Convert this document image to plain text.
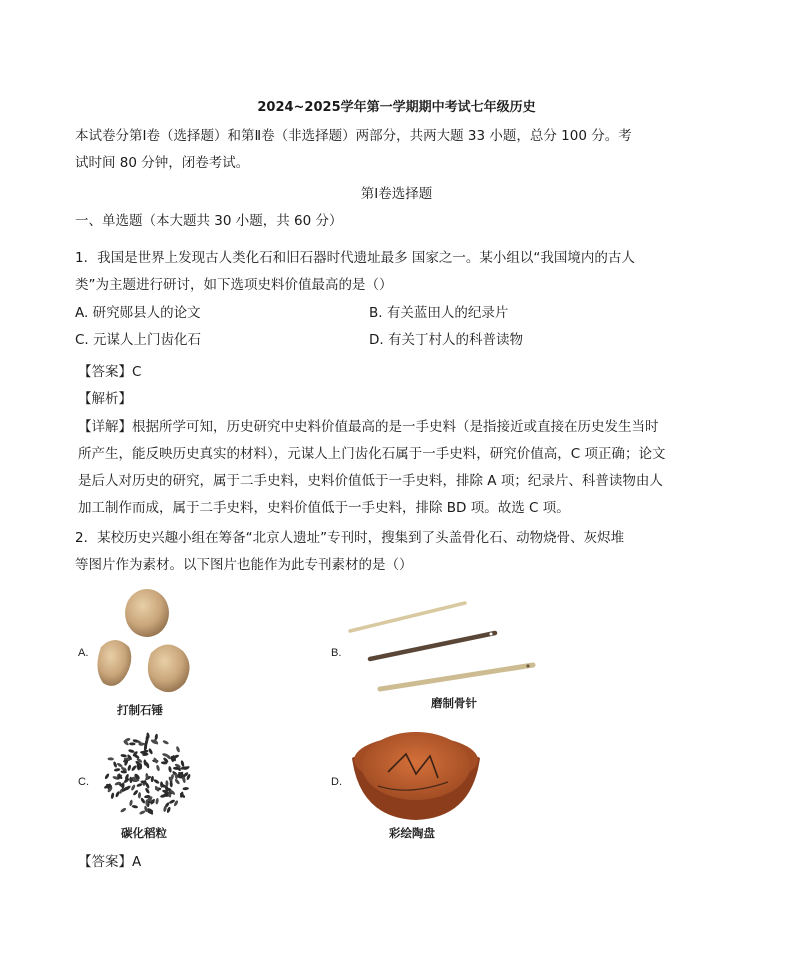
2024~2025学年第一学期期中考试七年级历史
本试卷分第Ⅰ卷（选择题）和第Ⅱ卷（非选择题）两部分，共两大题 33 小题，总分 100 分。考
试时间 80 分钟，闭卷考试。
第Ⅰ卷选择题
一、单选题（本大题共 30 小题，共 60 分）
1．我国是世界上发现古人类化石和旧石器时代遗址最多 国家之一。某小组以“我国境内的古人
类”为主题进行研讨，如下选项史料价值最高的是（）
A. 研究郧县人的论文	B. 有关蓝田人的纪录片
C. 元谋人上门齿化石	D. 有关丁村人的科普读物
【答案】C
【解析】
【详解】根据所学可知，历史研究中史料价值最高的是一手史料（是指接近或直接在历史发生当时
所产生，能反映历史真实的材料），元谋人上门齿化石属于一手史料，研究价值高，C 项正确；论文
是后人对历史的研究，属于二手史料，史料价值低于一手史料，排除 A 项；纪录片、科普读物由人
加工制作而成，属于二手史料，史料价值低于一手史料，排除 BD 项。故选 C 项。
2．某校历史兴趣小组在筹备“北京人遗址”专刊时，搜集到了头盖骨化石、动物烧骨、灰烬堆
等图片作为素材。以下图片也能作为此专刊素材的是（）
A.
打制石锤
B.
磨制骨针
C.
碳化稻粒
D.
彩绘陶盘
【答案】A
